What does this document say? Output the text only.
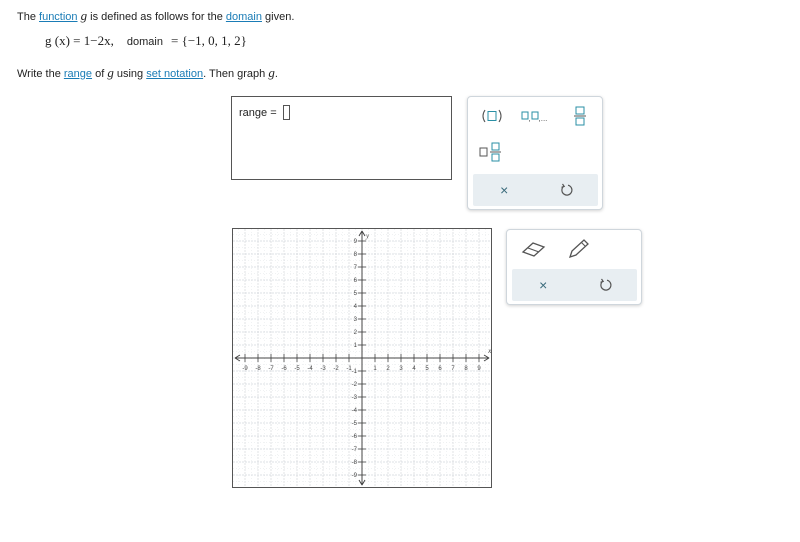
The function g is defined as follows for the domain given.
g (x) = 1−2x, domain = {−1, 0, 1, 2}
Write the range of g using set notation. Then graph g.
range =	, ,...
×
×
-9 -8 -7 -6 -5 -4 -3 -2 -1	1 2 3 4 5 6 7 8 9
9
8
7
6
5
4
3
2
1
-1
-2
-3
-4
-5
-6
-7
-8
-9
x
y
